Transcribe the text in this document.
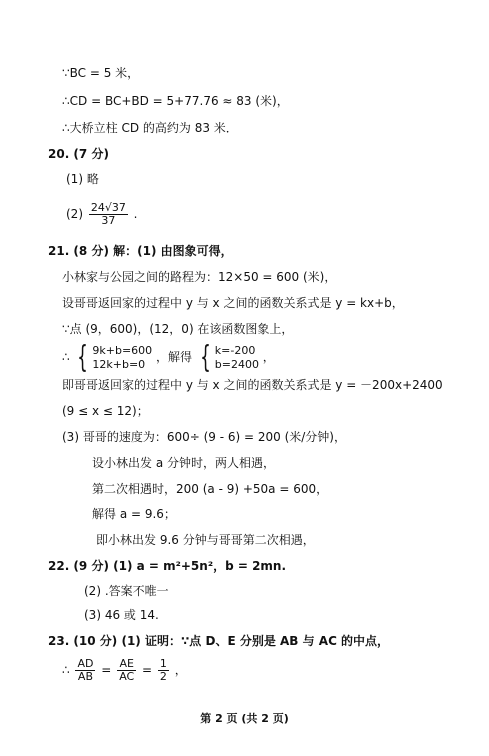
∵BC = 5 米，
∴CD = BC+BD = 5+77.76 ≈ 83 (米)，
∴大桥立柱 CD 的高约为 83 米．
20. (7 分)
(1) 略
$(2) \frac{24√37}{37}$ .
21. (8 分) 解：(1) 由图象可得，
小林家与公园之间的路程为：12×50 = 600 (米)，
设哥哥返回家的过程中 y 与 x 之间的函数关系式是 y = kx+b，
∵点 (9，600)，(12，0) 在该函数图象上，
∴ { 9k+b=600
12k+b=0
，解得 { k=-200
b=2400
，
即哥哥返回家的过程中 y 与 x 之间的函数关系式是 y = －200x+2400
(9 ≤ x ≤ 12)；
(3) 哥哥的速度为：600÷ (9 - 6) = 200 (米/分钟)，
设小林出发 a 分钟时，两人相遇，
第二次相遇时，200 (a - 9) +50a = 600，
解得 a = 9.6；
即小林出发 9.6 分钟与哥哥第二次相遇，
22. (9 分) (1) a = m²+5n²，b = 2mn.
(2) .答案不唯一
(3) 46 或 14.
23. (10 分) (1) 证明：∵点 D、E 分别是 AB 与 AC 的中点，
∴ $\frac{AD}{AB} = \frac{AE}{AC} = \frac{1}{2}$ ，
第 2 页 (共 2 页)
